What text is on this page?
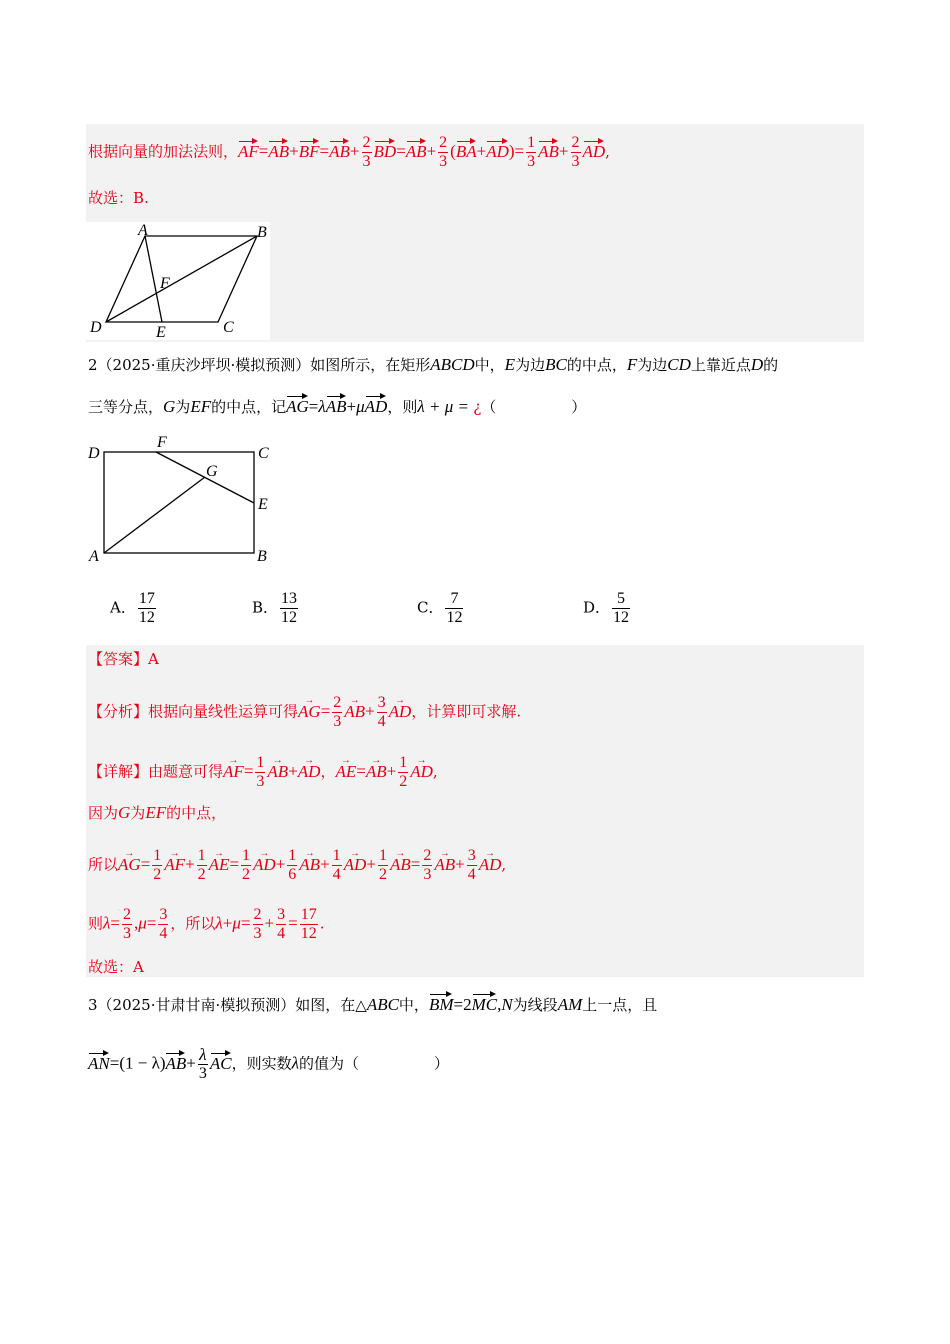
根据向量的加法法则，$AF=AB+BF=AB+ \frac{2}{3} BD=AB+ \frac{2}{3} (BA+AD)= \frac{1}{3} AB+ \frac{2}{3}$ AD,
故选：B.
A	B
F
D	E	C
2（2025·重庆沙坪坝·模拟预测）如图所示，在矩形ABCD中，E为边BC的中点，F为边CD上靠近点D的
三等分点，G为EF的中点，记AG=λAB+μAD，则λ + μ = ¿（　　　　　）
D
F
C
G
E
A	B
A． $\frac{17}{12}$	B． $\frac{13}{12}$	C． $\frac{7}{12}$	D． $\frac{5}{12}$
【答案】A
【分析】根据向量线性运算可得→ $AG= \frac{2}{3}$
→ $AB+ \frac{3}{4}$
→ AD，计算即可求解.
【详解】由题意可得→ $AF= \frac{1}{3}$
→ AB+→ AD，→ $AE=\to AB+ \frac{1}{2}$
→ AD,
因为G为EF的中点，
所以→ $AG= \frac{1}{2}$
→ $AF+ \frac{1}{2}$
→ $AE= \frac{1}{2}$
→ $AD+ \frac{1}{6}$
→ $AB+ \frac{1}{4}$
→ $AD+ \frac{1}{2}$
→ $AB= \frac{2}{3}$
→ $AB+ \frac{3}{4}$
→ AD,
则$\lambda= \frac{2}{3} ,\mu= \frac{3}{4}$ ，所以$\lambda+\mu= \frac{2}{3} + \frac{3}{4} = \frac{17}{12}$ .
故选：A
3（2025·甘肃甘南·模拟预测）如图，在△ABC中，BM=2MC,N为线段AM上一点，且
$AN=(1 - \lambda)AB+ \frac{\lambda}{3}$ AC，则实数λ的值为（　　　　　）
